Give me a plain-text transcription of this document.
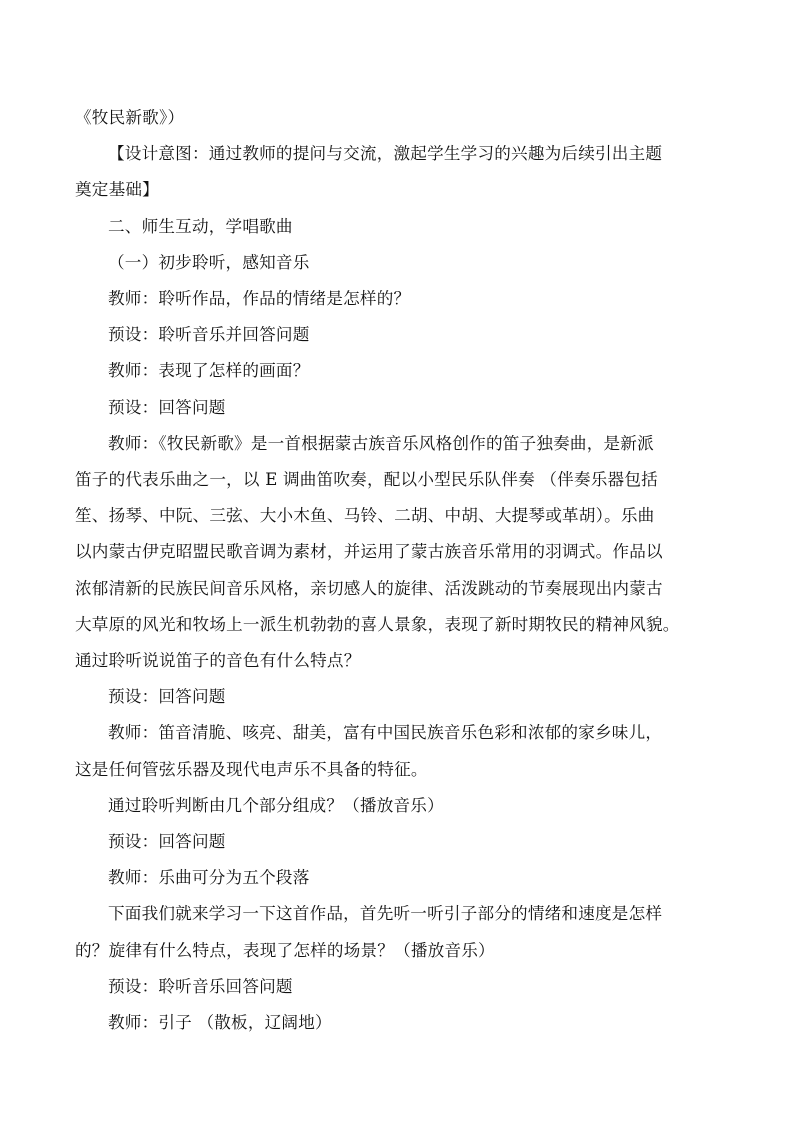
《牧民新歌》）

【设计意图：通过教师的提问与交流，激起学生学习的兴趣为后续引出主题

奠定基础】

二、师生互动，学唱歌曲

（一）初步聆听，感知音乐

教师：聆听作品，作品的情绪是怎样的？

预设：聆听音乐并回答问题

教师：表现了怎样的画面？

预设：回答问题

教师：《牧民新歌》是一首根据蒙古族音乐风格创作的笛子独奏曲，是新派

笛子的代表乐曲之一，以 E 调曲笛吹奏，配以小型民乐队伴奏 （伴奏乐器包括

笙、扬琴、中阮、三弦、大小木鱼、马铃、二胡、中胡、大提琴或革胡）。乐曲

以内蒙古伊克昭盟民歌音调为素材，并运用了蒙古族音乐常用的羽调式。作品以

浓郁清新的民族民间音乐风格，亲切感人的旋律、活泼跳动的节奏展现出内蒙古

大草原的风光和牧场上一派生机勃勃的喜人景象，表现了新时期牧民的精神风貌。

通过聆听说说笛子的音色有什么特点？

预设：回答问题

教师：笛音清脆、咳亮、甜美，富有中国民族音乐色彩和浓郁的家乡味儿，

这是任何管弦乐器及现代电声乐不具备的特征。

通过聆听判断由几个部分组成？（播放音乐）

预设：回答问题

教师：乐曲可分为五个段落

下面我们就来学习一下这首作品，首先听一听引子部分的情绪和速度是怎样

的？旋律有什么特点，表现了怎样的场景？（播放音乐）

预设：聆听音乐回答问题

教师：引子 （散板，辽阔地）
